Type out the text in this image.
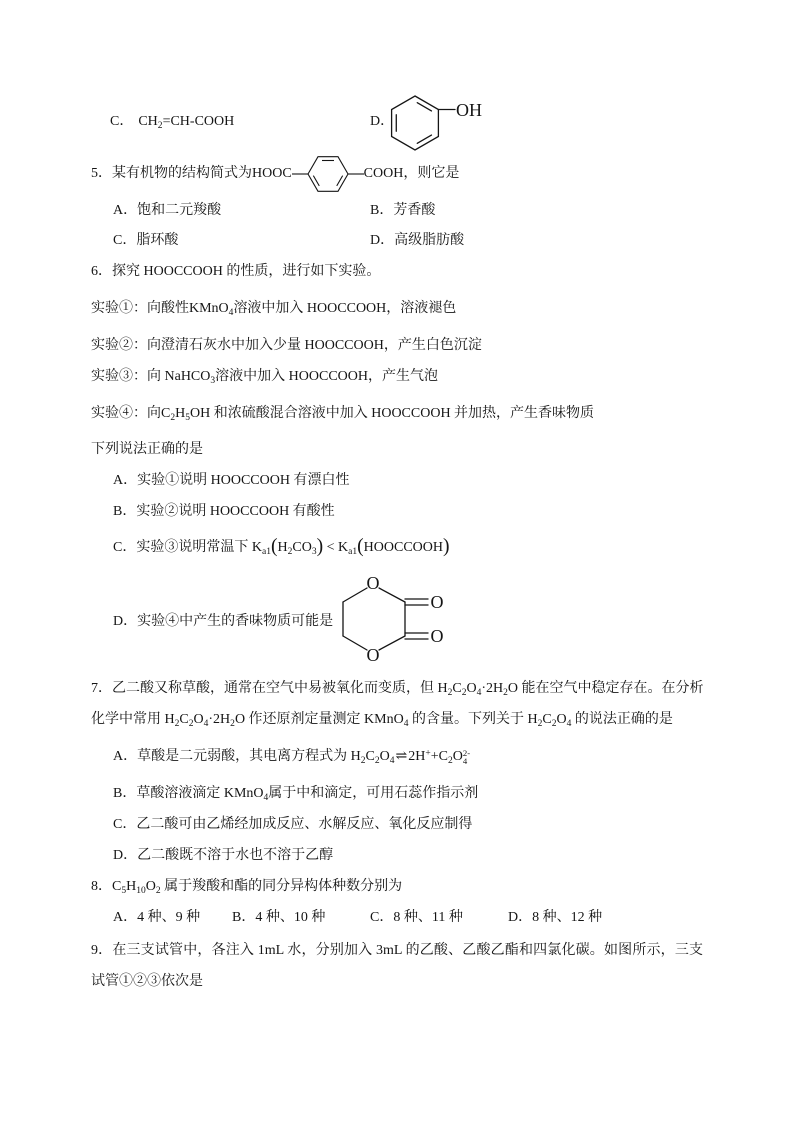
C． $CH_2=CH$-COOH	D．
OH
5．某有机物的结构简式为HOOC	COOH，则它是
A．饱和二元羧酸	B．芳香酸
C．脂环酸	D．高级脂肪酸
6．探究 HOOCCOOH 的性质，进行如下实验。
实验①：向酸性KMnO$_4$溶液中加入 HOOCCOOH，溶液褪色
实验②：向澄清石灰水中加入少量 HOOCCOOH，产生白色沉淀
实验③：向 NaHCO$_3$溶液中加入 HOOCCOOH，产生气泡
实验④：向$C_2H_5OH$ 和浓硫酸混合溶液中加入 HOOCCOOH 并加热，产生香味物质
下列说法正确的是
A．实验①说明 HOOCCOOH 有漂白性
B．实验②说明 HOOCCOOH 有酸性
C．实验③说明常温下 $K_{a1}(H_2CO_3)$ < $K_{a1}(HOOCCOOH)$
D．实验④中产生的香味物质可能是
O
O
O
O
7．乙二酸又称草酸，通常在空气中易被氧化而变质，但 $H_2C_2O_4\cdot 2H_2O$ 能在空气中稳定存在。在分析
化学中常用 $H_2C_2O_4\cdot 2H_2O$ 作还原剂定量测定 KMnO$_4$ 的含量。下列关于 $H_2C_2O_4$ 的说法正确的是
A．草酸是二元弱酸，其电离方程式为 $H_2C_2O_4\rightleftharpoons 2H^++C_2O$ 2-
4
B．草酸溶液滴定 KMnO$_4$属于中和滴定，可用石蕊作指示剂
C．乙二酸可由乙烯经加成反应、水解反应、氧化反应制得
D．乙二酸既不溶于水也不溶于乙醇
8．$C_5H_{10}O_2$ 属于羧酸和酯的同分异构体种数分别为
A．4 种、9 种 B．4 种、10 种	C．8 种、11 种	D．8 种、12 种
9．在三支试管中，各注入 1mL 水，分别加入 3mL 的乙酸、乙酸乙酯和四氯化碳。如图所示，三支
试管①②③依次是
